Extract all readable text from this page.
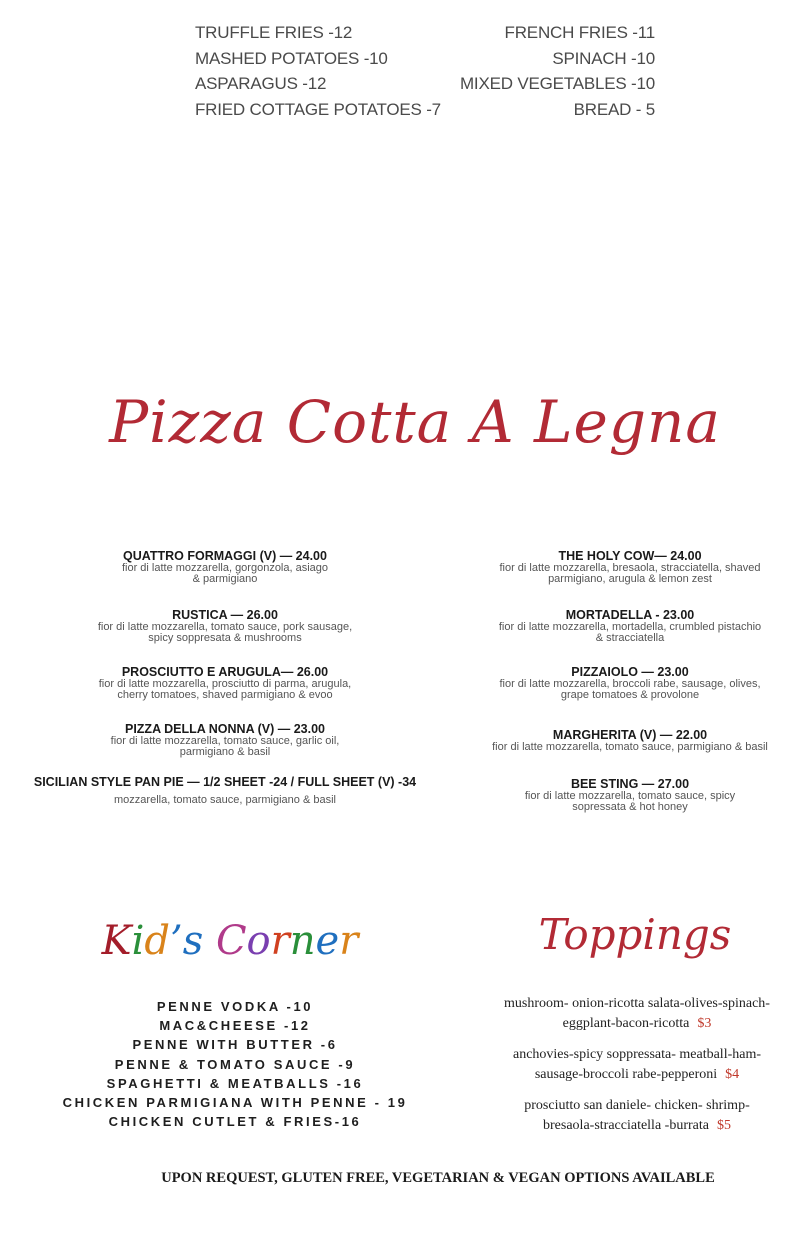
TRUFFLE FRIES -12	FRENCH FRIES -11
MASHED POTATOES -10	SPINACH -10
ASPARAGUS -12	MIXED VEGETABLES -10
FRIED COTTAGE POTATOES -7	BREAD - 5
Pizza Cotta A Legna
QUATTRO FORMAGGI (V) — 24.00
fior di latte mozzarella, gorgonzola, asiago
& parmigiano
RUSTICA — 26.00
fior di latte mozzarella, tomato sauce, pork sausage,
spicy soppresata & mushrooms
PROSCIUTTO E ARUGULA— 26.00
fior di latte mozzarella, prosciutto di parma, arugula,
cherry tomatoes, shaved parmigiano & evoo
PIZZA DELLA NONNA (V) — 23.00
fior di latte mozzarella, tomato sauce, garlic oil,
parmigiano & basil
SICILIAN STYLE PAN PIE — 1/2 SHEET -24 / FULL SHEET (V) -34
mozzarella, tomato sauce, parmigiano & basil
THE HOLY COW— 24.00
fior di latte mozzarella, bresaola, stracciatella, shaved
parmigiano, arugula & lemon zest
MORTADELLA - 23.00
fior di latte mozzarella, mortadella, crumbled pistachio
& stracciatella
PIZZAIOLO — 23.00
fior di latte mozzarella, broccoli rabe, sausage, olives,
grape tomatoes & provolone
MARGHERITA (V) — 22.00
fior di latte mozzarella, tomato sauce, parmigiano & basil
BEE STING — 27.00
fior di latte mozzarella, tomato sauce, spicy
sopressata & hot honey
Kid’s Corner
PENNE VODKA -10
MAC&CHEESE -12
PENNE WITH BUTTER -6
PENNE & TOMATO SAUCE -9
SPAGHETTI & MEATBALLS -16
CHICKEN PARMIGIANA WITH PENNE - 19
CHICKEN CUTLET & FRIES-16
Toppings
mushroom- onion-ricotta salata-olives-spinach-
eggplant-bacon-ricotta $3
anchovies-spicy soppressata- meatball-ham-
sausage-broccoli rabe-pepperoni $4
prosciutto san daniele- chicken- shrimp-
bresaola-stracciatella -burrata $5
UPON REQUEST, GLUTEN FREE, VEGETARIAN & VEGAN OPTIONS AVAILABLE
